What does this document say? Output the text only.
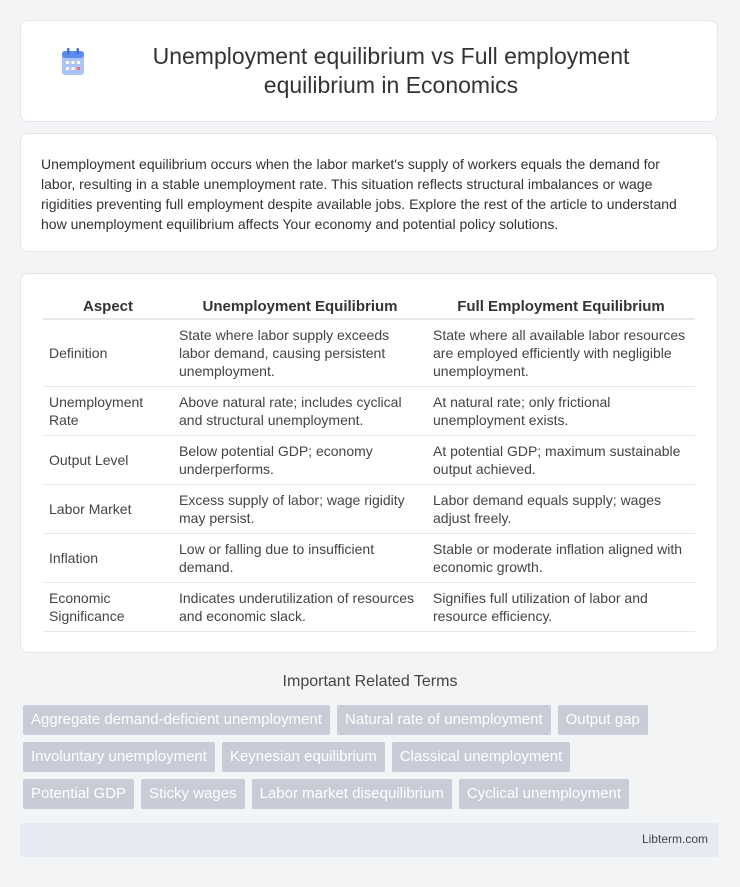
Unemployment equilibrium vs Full employment equilibrium in Economics

Unemployment equilibrium occurs when the labor market's supply of workers equals the demand for labor, resulting in a stable unemployment rate. This situation reflects structural imbalances or wage rigidities preventing full employment despite available jobs. Explore the rest of the article to understand how unemployment equilibrium affects Your economy and potential policy solutions.

Aspect	Unemployment Equilibrium	Full Employment Equilibrium
Definition	State where labor supply exceeds labor demand, causing persistent unemployment.	State where all available labor resources are employed efficiently with negligible unemployment.
Unemployment Rate	Above natural rate; includes cyclical and structural unemployment.	At natural rate; only frictional unemployment exists.
Output Level	Below potential GDP; economy underperforms.	At potential GDP; maximum sustainable output achieved.
Labor Market	Excess supply of labor; wage rigidity may persist.	Labor demand equals supply; wages adjust freely.
Inflation	Low or falling due to insufficient demand.	Stable or moderate inflation aligned with economic growth.
Economic Significance	Indicates underutilization of resources and economic slack.	Signifies full utilization of labor and resource efficiency.
Important Related Terms
Aggregate demand-deficient unemployment	Natural rate of unemployment	Output gap
Involuntary unemployment	Keynesian equilibrium	Classical unemployment
Potential GDP	Sticky wages	Labor market disequilibrium	Cyclical unemployment
Libterm.com
